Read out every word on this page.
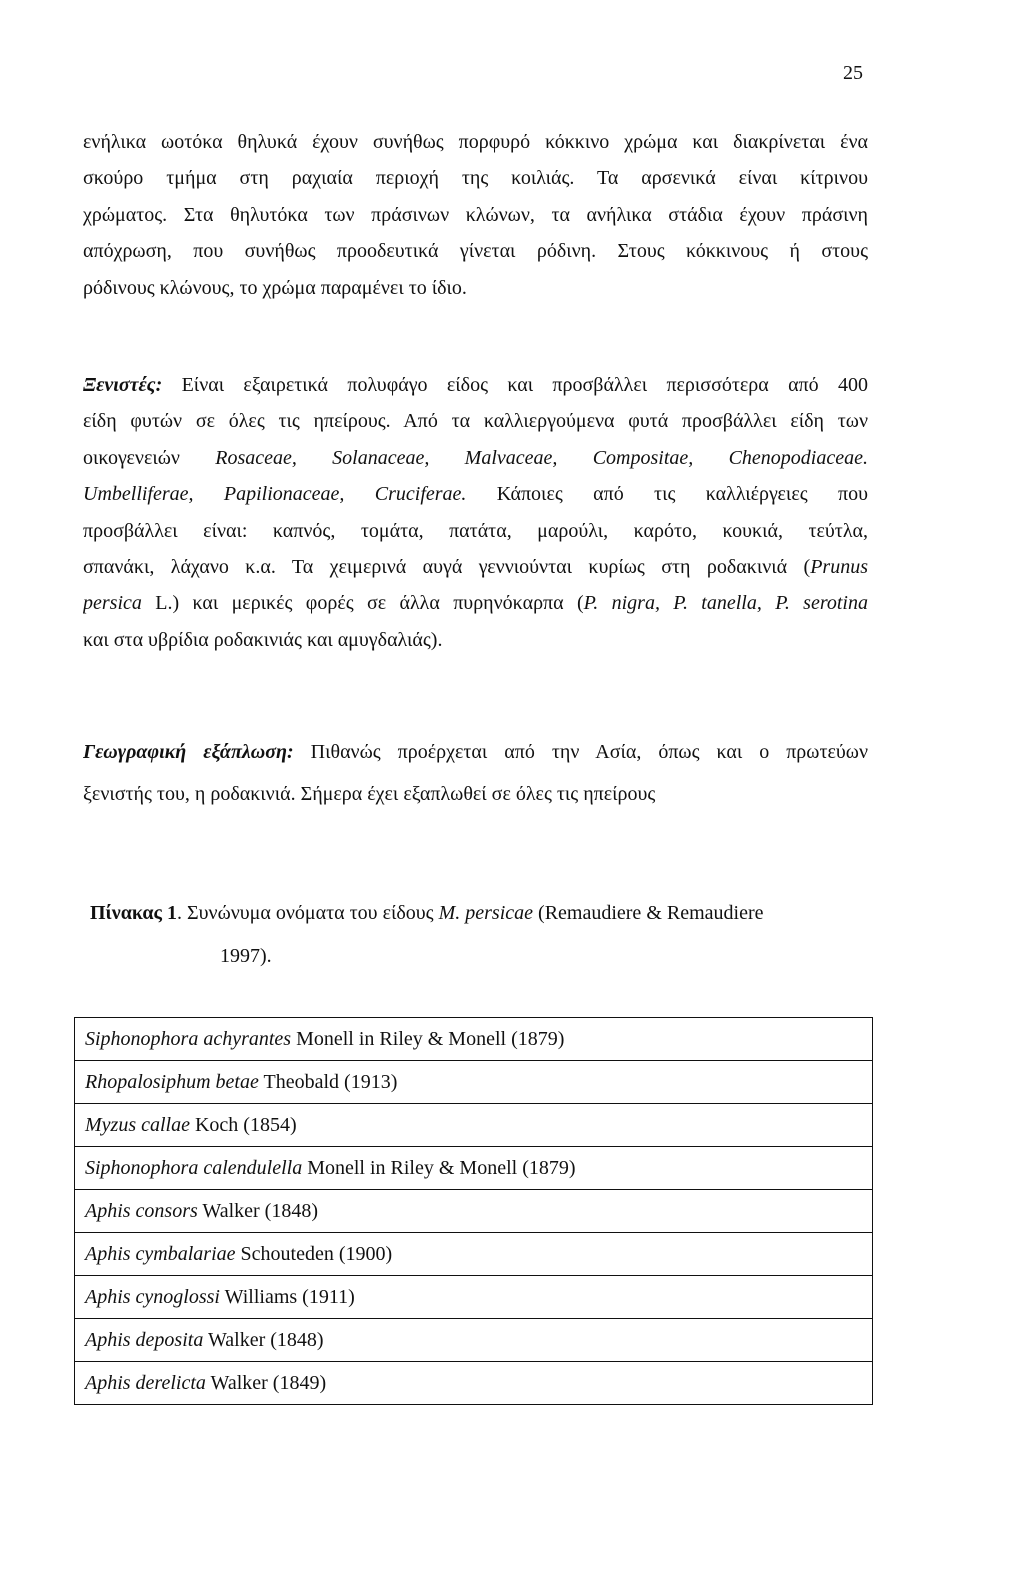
25
ενήλικα ωοτόκα θηλυκά έχουν συνήθως πορφυρό κόκκινο χρώμα και διακρίνεται ένα
σκούρο τμήμα στη ραχιαία περιοχή της κοιλιάς. Τα αρσενικά είναι κίτρινου
χρώματος. Στα θηλυτόκα των πράσινων κλώνων, τα ανήλικα στάδια έχουν πράσινη
απόχρωση, που συνήθως προοδευτικά γίνεται ρόδινη. Στους κόκκινους ή στους
ρόδινους κλώνους, το χρώμα παραμένει το ίδιο.
Ξενιστές: Είναι εξαιρετικά πολυφάγο είδος και προσβάλλει περισσότερα από 400
είδη φυτών σε όλες τις ηπείρους. Από τα καλλιεργούμενα φυτά προσβάλλει είδη των
οικογενειών Rosaceae, Solanaceae, Malvaceae, Compositae, Chenopodiaceae.
Umbelliferae, Papilionaceae, Cruciferae. Κάποιες από τις καλλιέργειες που
προσβάλλει είναι: καπνός, τομάτα, πατάτα, μαρούλι, καρότο, κουκιά, τεύτλα,
σπανάκι, λάχανο κ.α. Τα χειμερινά αυγά γεννιούνται κυρίως στη ροδακινιά (Prunus
persica L.) και μερικές φορές σε άλλα πυρηνόκαρπα (P. nigra, P. tanella, P. serotina
και στα υβρίδια ροδακινιάς και αμυγδαλιάς).
Γεωγραφική εξάπλωση: Πιθανώς προέρχεται από την Ασία, όπως και ο πρωτεύων
ξενιστής του, η ροδακινιά. Σήμερα έχει εξαπλωθεί σε όλες τις ηπείρους
Πίνακας 1. Συνώνυμα ονόματα του είδους M. persicae (Remaudiere & Remaudiere
1997).
Siphonophora achyrantes Monell in Riley & Monell (1879)
Rhopalosiphum betae Theobald (1913)
Myzus callae Koch (1854)
Siphonophora calendulella Monell in Riley & Monell (1879)
Aphis consors Walker (1848)
Aphis cymbalariae Schouteden (1900)
Aphis cynoglossi Williams (1911)
Aphis deposita Walker (1848)
Aphis derelicta Walker (1849)
